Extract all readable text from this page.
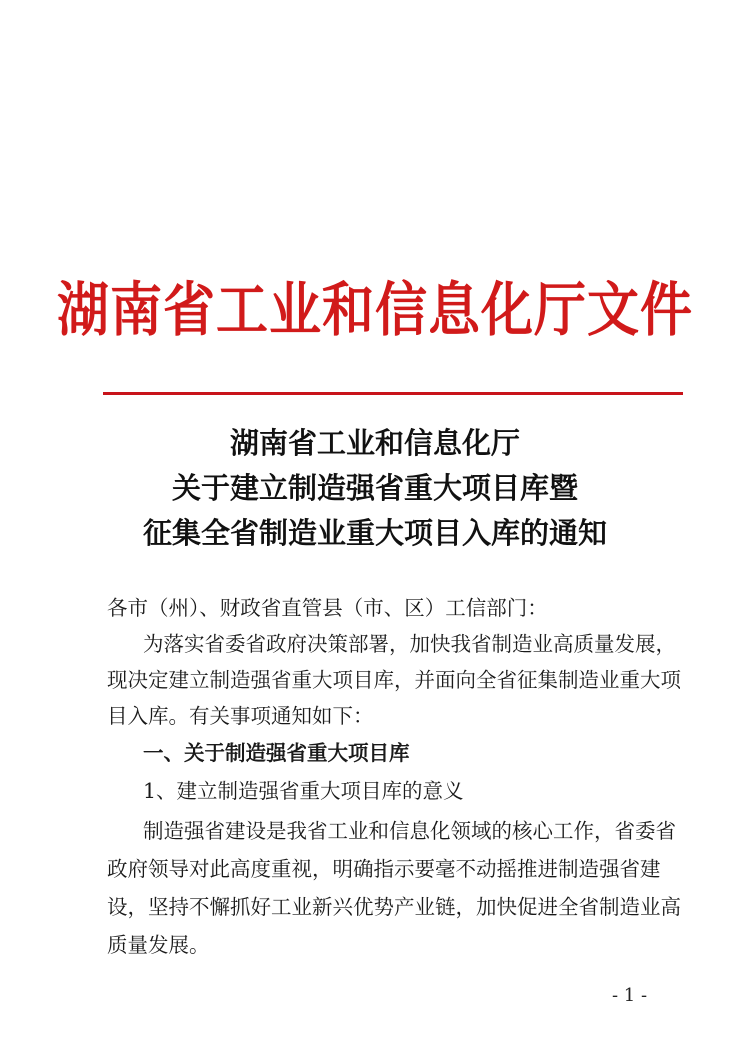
湖南省工业和信息化厅文件
湖南省工业和信息化厅
关于建立制造强省重大项目库暨
征集全省制造业重大项目入库的通知
各市（州）、财政省直管县（市、区）工信部门：
为落实省委省政府决策部署，加快我省制造业高质量发展，
现决定建立制造强省重大项目库，并面向全省征集制造业重大项
目入库。有关事项通知如下：
一、关于制造强省重大项目库
1、建立制造强省重大项目库的意义
制造强省建设是我省工业和信息化领域的核心工作，省委省
政府领导对此高度重视，明确指示要毫不动摇推进制造强省建
设，坚持不懈抓好工业新兴优势产业链，加快促进全省制造业高
质量发展。
- 1 -
